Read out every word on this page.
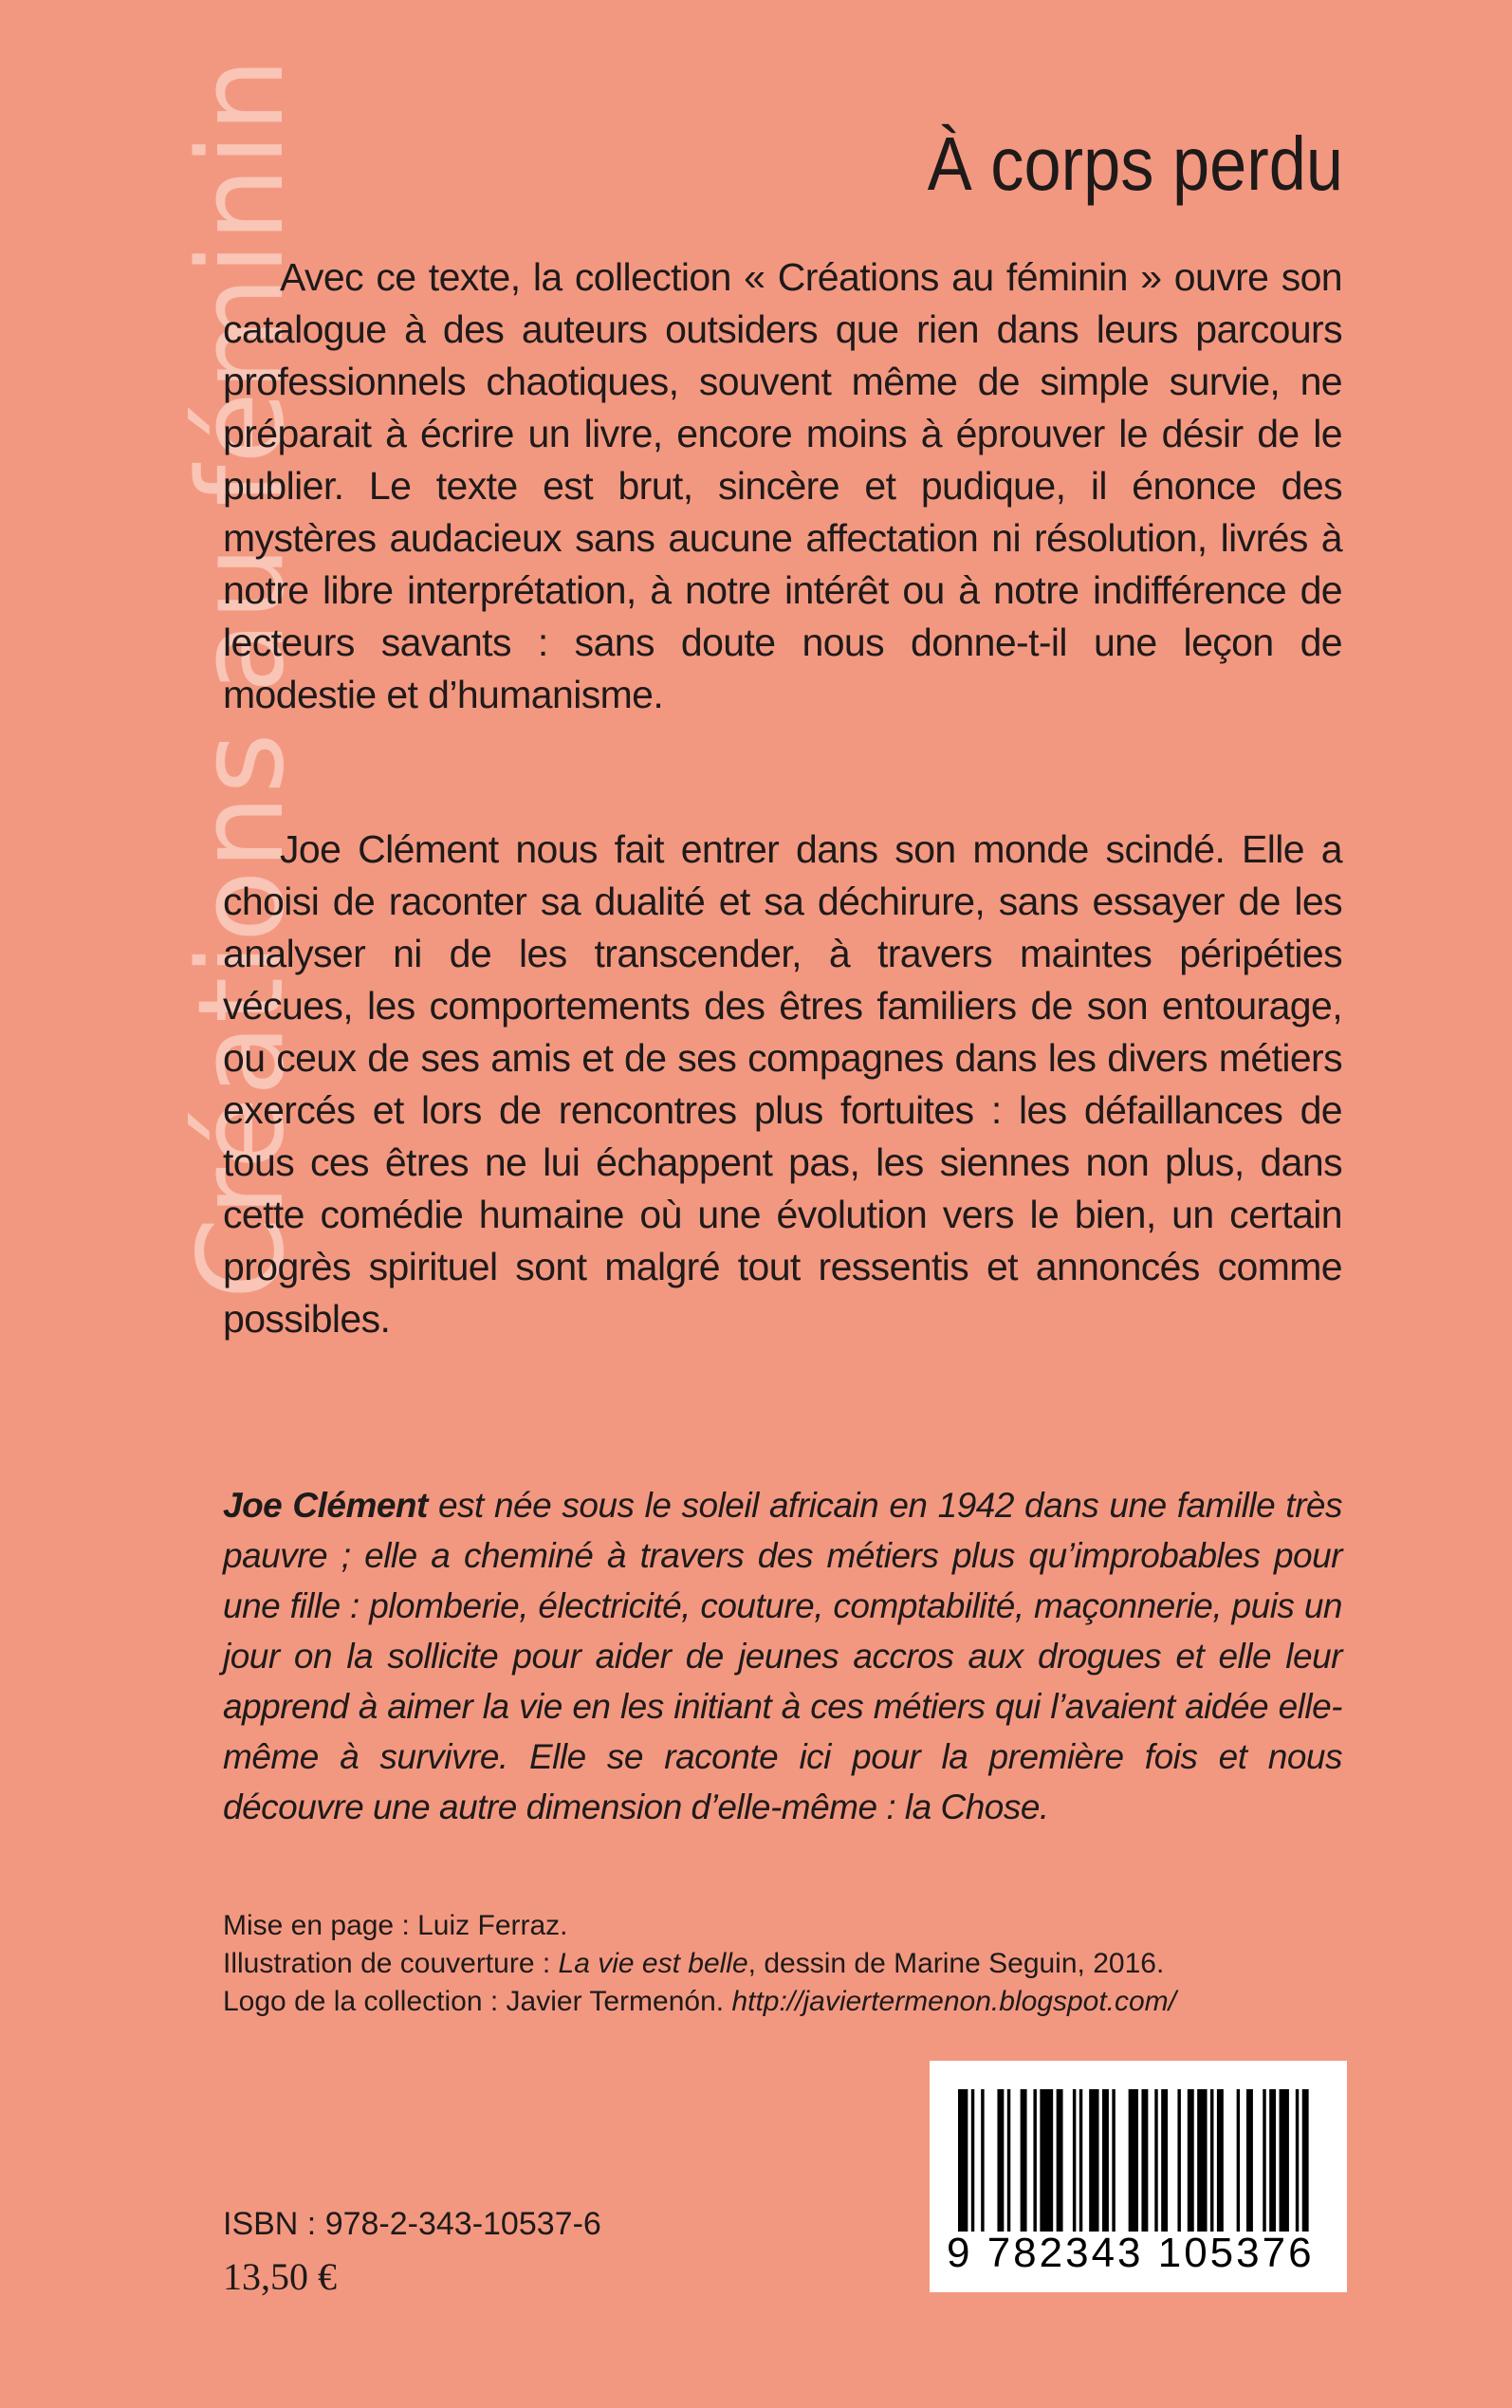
Créations au féminin	À corps perdu

Avec ce texte, la collection « Créations au féminin » ouvre son catalogue à des auteurs outsiders que rien dans leurs parcours professionnels chaotiques, souvent même de simple survie, ne préparait à écrire un livre, encore moins à éprouver le désir de le publier. Le texte est brut, sincère et pudique, il énonce des mystères audacieux sans aucune affectation ni résolution, livrés à notre libre interprétation, à notre intérêt ou à notre indifférence de lecteurs savants : sans doute nous donne-t-il une leçon de modestie et d’humanisme.

Joe Clément nous fait entrer dans son monde scindé. Elle a choisi de raconter sa dualité et sa déchirure, sans essayer de les analyser ni de les transcender, à travers maintes péripéties vécues, les comportements des êtres familiers de son entourage, ou ceux de ses amis et de ses compagnes dans les divers métiers exercés et lors de rencontres plus fortuites : les défaillances de tous ces êtres ne lui échappent pas, les siennes non plus, dans cette comédie humaine où une évolution vers le bien, un certain progrès spirituel sont malgré tout ressentis et annoncés comme possibles.

Joe Clément est née sous le soleil africain en 1942 dans une famille très pauvre ; elle a cheminé à travers des métiers plus qu’improbables pour une fille : plomberie, électricité, couture, comptabilité, maçonnerie, puis un jour on la sollicite pour aider de jeunes accros aux drogues et elle leur apprend à aimer la vie en les initiant à ces métiers qui l’avaient aidée elle-même à survivre. Elle se raconte ici pour la première fois et nous découvre une autre dimension d’elle-même : la Chose.

Mise en page : Luiz Ferraz.
Illustration de couverture : La vie est belle, dessin de Marine Seguin, 2016.
Logo de la collection : Javier Termenón. http://javiertermenon.blogspot.com/
ISBN : 978-2-343-10537-6
13,50 €
9 782343 105376
